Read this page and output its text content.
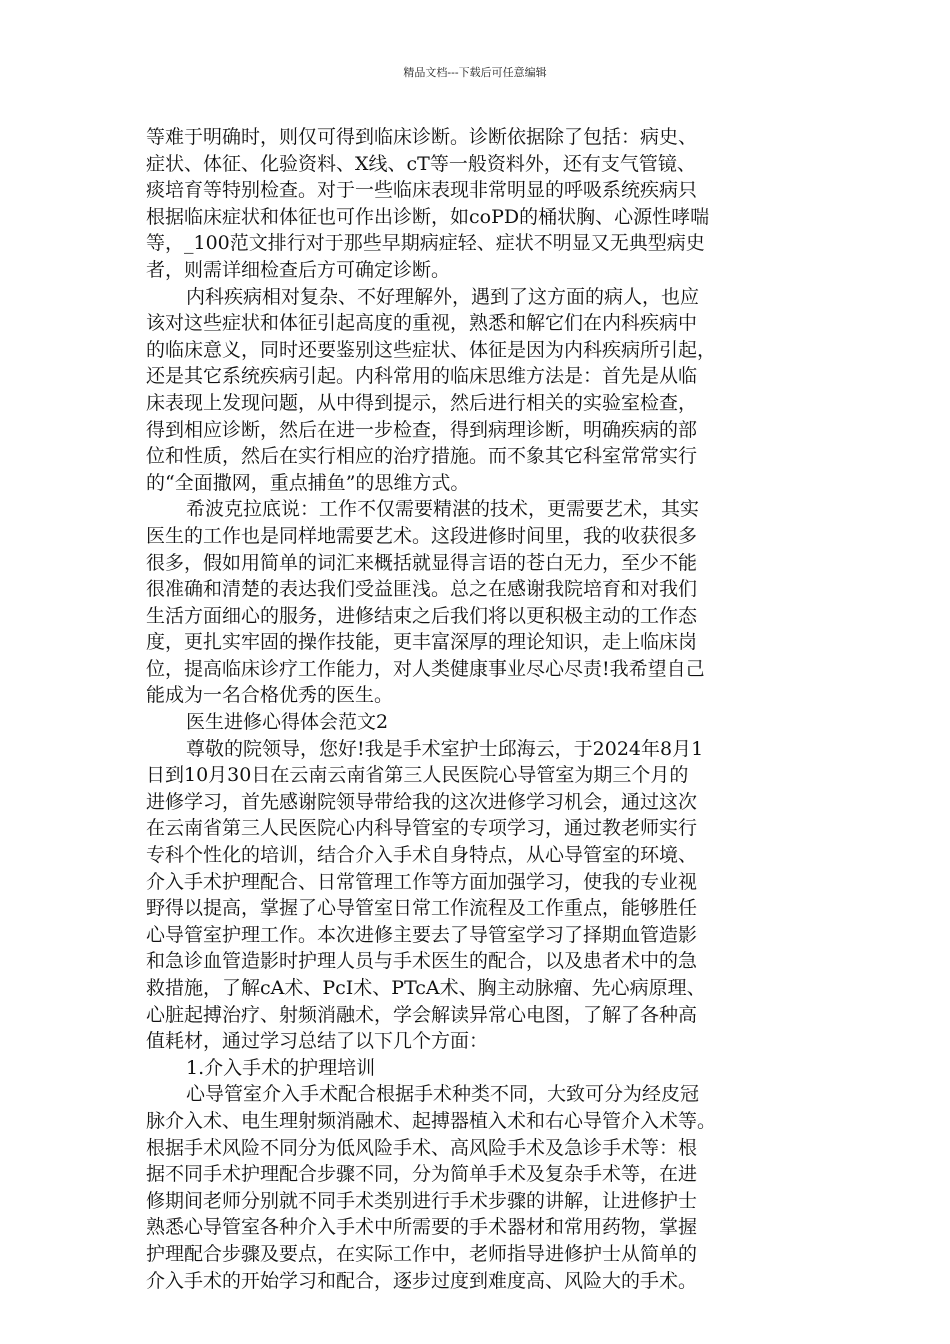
精品文档---下载后可任意编辑
等难于明确时，则仅可得到临床诊断。诊断依据除了包括：病史、
症状、体征、化验资料、X线、cT等一般资料外，还有支气管镜、
痰培育等特别检查。对于一些临床表现非常明显的呼吸系统疾病只
根据临床症状和体征也可作出诊断，如coPD的桶状胸、心源性哮喘
等，_100范文排行对于那些早期病症轻、症状不明显又无典型病史
者，则需详细检查后方可确定诊断。
内科疾病相对复杂、不好理解外，遇到了这方面的病人，也应
该对这些症状和体征引起高度的重视，熟悉和解它们在内科疾病中
的临床意义，同时还要鉴别这些症状、体征是因为内科疾病所引起，
还是其它系统疾病引起。内科常用的临床思维方法是：首先是从临
床表现上发现问题，从中得到提示，然后进行相关的实验室检查，
得到相应诊断，然后在进一步检查，得到病理诊断，明确疾病的部
位和性质，然后在实行相应的治疗措施。而不象其它科室常常实行
的“全面撒网，重点捕鱼”的思维方式。
希波克拉底说：工作不仅需要精湛的技术，更需要艺术，其实
医生的工作也是同样地需要艺术。这段进修时间里，我的收获很多
很多，假如用简单的词汇来概括就显得言语的苍白无力，至少不能
很准确和清楚的表达我们受益匪浅。总之在感谢我院培育和对我们
生活方面细心的服务，进修结束之后我们将以更积极主动的工作态
度，更扎实牢固的操作技能，更丰富深厚的理论知识，走上临床岗
位，提高临床诊疗工作能力，对人类健康事业尽心尽责!我希望自己
能成为一名合格优秀的医生。
医生进修心得体会范文2
尊敬的院领导，您好!我是手术室护士邱海云，于2024年8月1
日到10月30日在云南云南省第三人民医院心导管室为期三个月的
进修学习，首先感谢院领导带给我的这次进修学习机会，通过这次
在云南省第三人民医院心内科导管室的专项学习，通过教老师实行
专科个性化的培训，结合介入手术自身特点，从心导管室的环境、
介入手术护理配合、日常管理工作等方面加强学习，使我的专业视
野得以提高，掌握了心导管室日常工作流程及工作重点，能够胜任
心导管室护理工作。本次进修主要去了导管室学习了择期血管造影
和急诊血管造影时护理人员与手术医生的配合，以及患者术中的急
救措施，了解cA术、PcI术、PTcA术、胸主动脉瘤、先心病原理、
心脏起搏治疗、射频消融术，学会解读异常心电图，了解了各种高
值耗材，通过学习总结了以下几个方面：
1.介入手术的护理培训
心导管室介入手术配合根据手术种类不同，大致可分为经皮冠
脉介入术、电生理射频消融术、起搏器植入术和右心导管介入术等。
根据手术风险不同分为低风险手术、高风险手术及急诊手术等：根
据不同手术护理配合步骤不同，分为简单手术及复杂手术等，在进
修期间老师分别就不同手术类别进行手术步骤的讲解，让进修护士
熟悉心导管室各种介入手术中所需要的手术器材和常用药物，掌握
护理配合步骤及要点，在实际工作中，老师指导进修护士从简单的
介入手术的开始学习和配合，逐步过度到难度高、风险大的手术。
